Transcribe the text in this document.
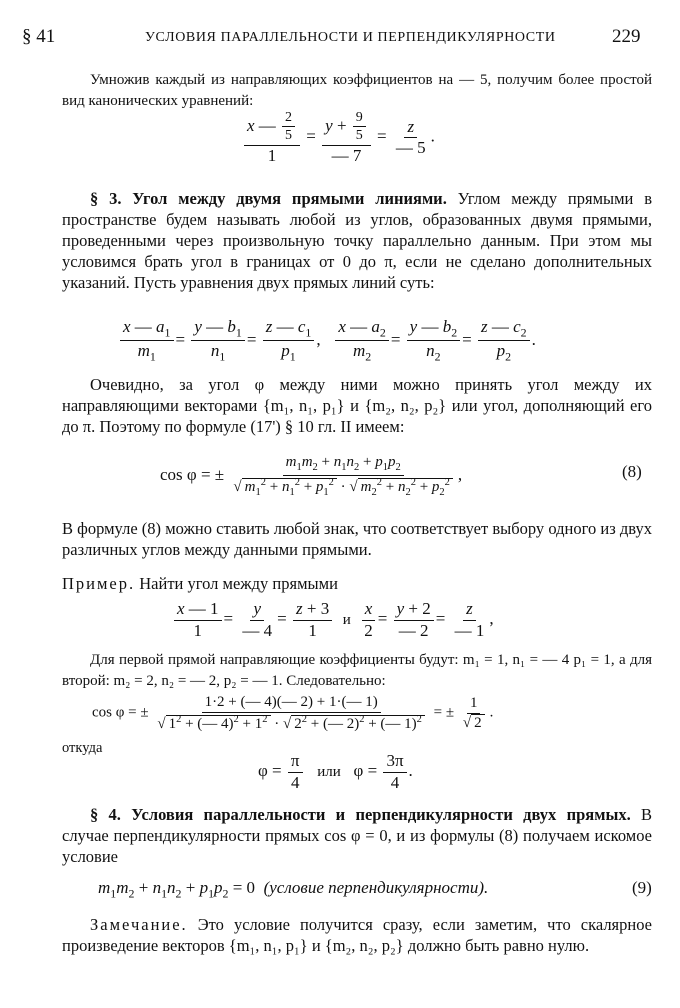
§ 41	УСЛОВИЯ ПАРАЛЛЕЛЬНОСТИ И ПЕРПЕНДИКУЛЯРНОСТИ	229
Умножив каждый из направляющих коэффициентов на — 5, получим более простой вид канонических уравнений:
$\frac{x — \frac{2}{5}}{1} = \frac{y + \frac{9}{5}}{— 7} = \frac{z}{— 5}$ .
§ 3. Угол между двумя прямыми линиями. Углом между прямыми в пространстве будем называть любой из углов, образованных двумя прямыми, проведенными через произвольную точку параллельно данным. При этом мы условимся брать угол в границах от 0 до π, если не сделано дополнительных указаний. Пусть уравнения двух прямых линий суть:
$\frac{x — a_1}{m_1} = \frac{y — b_1}{n_1} = \frac{z — c_1}{p_1}$ , $\frac{x — a_2}{m_2} = \frac{y — b_2}{n_2} = \frac{z — c_2}{p_2}$ .
Очевидно, за угол φ между ними можно принять угол между их направляющими векторами {m₁, n₁, p₁} и {m₂, n₂, p₂} или угол, дополняющий его до π. Поэтому по формуле (17') § 10 гл. II имеем:
cos φ = ± $\frac{m_1m_2 + n_1n_2 + p_1p_2}{√ m_1^2 + n_1^2 + p_1^2 \cdot √ m_2^2 + n_2^2 + p_2^2}$ ,	(8)
В формуле (8) можно ставить любой знак, что соответствует выбору одного из двух различных углов между данными прямыми.
Пример. Найти угол между прямыми
$\frac{x — 1}{1} = \frac{y}{— 4} = \frac{z + 3}{1}$ и $\frac{x}{2} = \frac{y + 2}{— 2} = \frac{z}{— 1}$ ,
Для первой прямой направляющие коэффициенты будут: m₁ = 1, n₁ = — 4 p₁ = 1, а для второй: m₂ = 2, n₂ = — 2, p₂ = — 1. Следовательно:
cos φ = ± $\frac{1\cdot 2 + (— 4)(— 2) + 1\cdot(— 1)}{√ 1^2 + (— 4)^2 + 1^2 \cdot √ 2^2 + (— 2)^2 + (— 1)^2}$ = ± $\frac{1}{√ 2}$ .
откуда
$\varphi = \frac{\pi}{4}$ или   $\varphi = \frac{3\pi}{4}$ .
§ 4. Условия параллельности и перпендикулярности двух прямых. В случае перпендикулярности прямых cos φ = 0, и из формулы (8) получаем искомое условие
$m_1m_2 + n_1n_2 + p_1p_2 = 0$  (условие перпендикулярности).	(9)
Замечание. Это условие получится сразу, если заметим, что скалярное произведение векторов {m₁, n₁, p₁} и {m₂, n₂, p₂} должно быть равно нулю.
